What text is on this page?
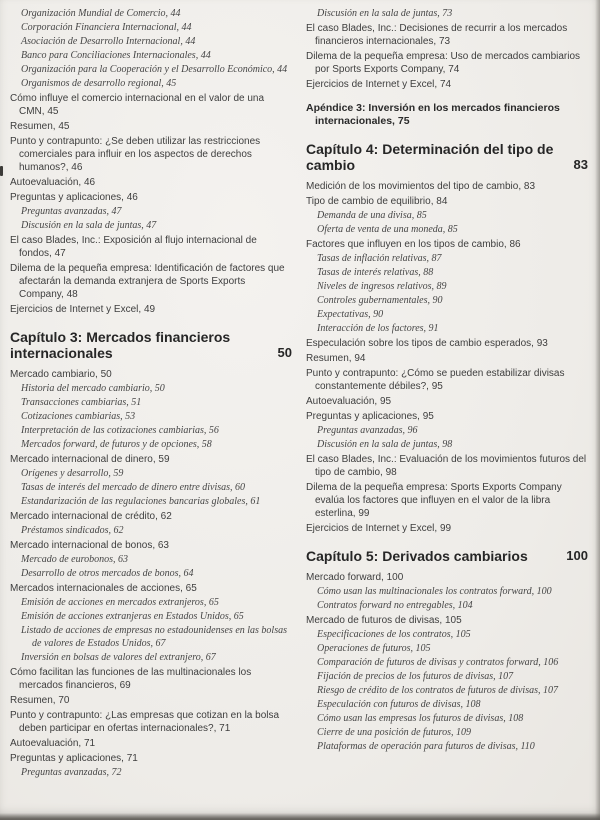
Organización Mundial de Comercio, 44
Corporación Financiera Internacional, 44
Asociación de Desarrollo Internacional, 44
Banco para Conciliaciones Internacionales, 44
Organización para la Cooperación y el Desarrollo Económico, 44
Organismos de desarrollo regional, 45
Cómo influye el comercio internacional en el valor de una CMN, 45
Resumen, 45
Punto y contrapunto: ¿Se deben utilizar las restricciones comerciales para influir en los aspectos de derechos humanos?, 46
Autoevaluación, 46
Preguntas y aplicaciones, 46
Preguntas avanzadas, 47
Discusión en la sala de juntas, 47
El caso Blades, Inc.: Exposición al flujo internacional de fondos, 47
Dilema de la pequeña empresa: Identificación de factores que afectarán la demanda extranjera de Sports Exports Company, 48
Ejercicios de Internet y Excel, 49
Capítulo 3: Mercados financieros internacionales	50
Mercado cambiario, 50
Historia del mercado cambiario, 50
Transacciones cambiarias, 51
Cotizaciones cambiarias, 53
Interpretación de las cotizaciones cambiarias, 56
Mercados forward, de futuros y de opciones, 58
Mercado internacional de dinero, 59
Orígenes y desarrollo, 59
Tasas de interés del mercado de dinero entre divisas, 60
Estandarización de las regulaciones bancarias globales, 61
Mercado internacional de crédito, 62
Préstamos sindicados, 62
Mercado internacional de bonos, 63
Mercado de eurobonos, 63
Desarrollo de otros mercados de bonos, 64
Mercados internacionales de acciones, 65
Emisión de acciones en mercados extranjeros, 65
Emisión de acciones extranjeras en Estados Unidos, 65
Listado de acciones de empresas no estadounidenses en las bolsas de valores de Estados Unidos, 67
Inversión en bolsas de valores del extranjero, 67
Cómo facilitan las funciones de las multinacionales los mercados financieros, 69
Resumen, 70
Punto y contrapunto: ¿Las empresas que cotizan en la bolsa deben participar en ofertas internacionales?, 71
Autoevaluación, 71
Preguntas y aplicaciones, 71
Preguntas avanzadas, 72
Discusión en la sala de juntas, 73
El caso Blades, Inc.: Decisiones de recurrir a los mercados financieros internacionales, 73
Dilema de la pequeña empresa: Uso de mercados cambiarios por Sports Exports Company, 74
Ejercicios de Internet y Excel, 74
Apéndice 3: Inversión en los mercados financieros internacionales, 75
Capítulo 4: Determinación del tipo de cambio	83
Medición de los movimientos del tipo de cambio, 83
Tipo de cambio de equilibrio, 84
Demanda de una divisa, 85
Oferta de venta de una moneda, 85
Factores que influyen en los tipos de cambio, 86
Tasas de inflación relativas, 87
Tasas de interés relativas, 88
Niveles de ingresos relativos, 89
Controles gubernamentales, 90
Expectativas, 90
Interacción de los factores, 91
Especulación sobre los tipos de cambio esperados, 93
Resumen, 94
Punto y contrapunto: ¿Cómo se pueden estabilizar divisas constantemente débiles?, 95
Autoevaluación, 95
Preguntas y aplicaciones, 95
Preguntas avanzadas, 96
Discusión en la sala de juntas, 98
El caso Blades, Inc.: Evaluación de los movimientos futuros del tipo de cambio, 98
Dilema de la pequeña empresa: Sports Exports Company evalúa los factores que influyen en el valor de la libra esterlina, 99
Ejercicios de Internet y Excel, 99
Capítulo 5: Derivados cambiarios	100
Mercado forward, 100
Cómo usan las multinacionales los contratos forward, 100
Contratos forward no entregables, 104
Mercado de futuros de divisas, 105
Especificaciones de los contratos, 105
Operaciones de futuros, 105
Comparación de futuros de divisas y contratos forward, 106
Fijación de precios de los futuros de divisas, 107
Riesgo de crédito de los contratos de futuros de divisas, 107
Especulación con futuros de divisas, 108
Cómo usan las empresas los futuros de divisas, 108
Cierre de una posición de futuros, 109
Plataformas de operación para futuros de divisas, 110
